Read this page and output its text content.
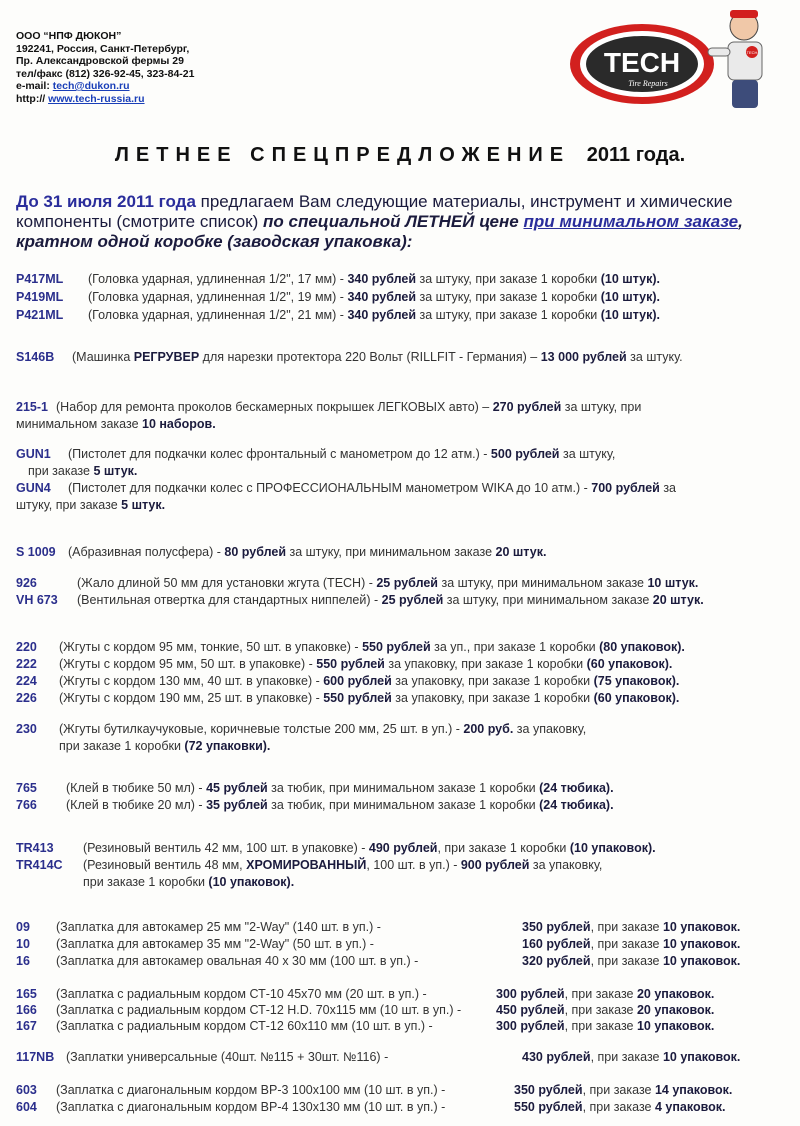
ООО “НПФ ДЮКОН”
192241, Россия, Санкт-Петербург,
Пр. Александровской фермы 29
тел/факс (812) 326-92-45, 323-84-21
e-mail: tech@dukon.ru
http:// www.tech-russia.ru
TECH
Tire Repairs
TECH
ЛЕТНЕЕ СПЕЦПРЕДЛОЖЕНИЕ 2011 года.
До 31 июля 2011 года предлагаем Вам следующие материалы, инструмент и химические компоненты (смотрите список) по специальной ЛЕТНЕЙ цене при минимальном заказе, кратном одной коробке (заводская упаковка):
P417ML (Головка ударная, удлиненная 1/2", 17 мм) - 340 рублей за штуку, при заказе 1 коробки (10 штук).
P419ML (Головка ударная, удлиненная 1/2", 19 мм) - 340 рублей за штуку, при заказе 1 коробки (10 штук).
P421ML (Головка ударная, удлиненная 1/2", 21 мм) - 340 рублей за штуку, при заказе 1 коробки (10 штук).
S146B (Машинка РЕГРУВЕР для нарезки протектора 220 Вольт (RILLFIT - Германия) – 13 000 рублей за штуку.
215-1 (Набор для ремонта проколов бескамерных покрышек ЛЕГКОВЫХ авто) – 270 рублей за штуку, при
минимальном заказе 10 наборов.
GUN1 (Пистолет для подкачки колес фронтальный с манометром до 12 атм.) - 500 рублей за штуку,
при заказе 5 штук.
GUN4 (Пистолет для подкачки колес с ПРОФЕССИОНАЛЬНЫМ манометром WIKA до 10 атм.) - 700 рублей за
штуку, при заказе 5 штук.
S 1009 (Абразивная полусфера) - 80 рублей за штуку, при минимальном заказе 20 штук.
926	(Жало длиной 50 мм для установки жгута (TECH) - 25 рублей за штуку, при минимальном заказе 10 штук.
VH 673 (Вентильная отвертка для стандартных ниппелей) - 25 рублей за штуку, при минимальном заказе 20 штук.
220 (Жгуты с кордом 95 мм, тонкие, 50 шт. в упаковке) - 550 рублей за уп., при заказе 1 коробки (80 упаковок).
222 (Жгуты с кордом 95 мм, 50 шт. в упаковке) - 550 рублей за упаковку, при заказе 1 коробки (60 упаковок).
224 (Жгуты с кордом 130 мм, 40 шт. в упаковке) - 600 рублей за упаковку, при заказе 1 коробки (75 упаковок).
226 (Жгуты с кордом 190 мм, 25 шт. в упаковке) - 550 рублей за упаковку, при заказе 1 коробки (60 упаковок).
230 (Жгуты бутилкаучуковые, коричневые толстые 200 мм, 25 шт. в уп.) - 200 руб. за упаковку,
при заказе 1 коробки (72 упаковки).
765 (Клей в тюбике 50 мл) - 45 рублей за тюбик, при минимальном заказе 1 коробки (24 тюбика).
766 (Клей в тюбике 20 мл) - 35 рублей за тюбик, при минимальном заказе 1 коробки (24 тюбика).
TR413 (Резиновый вентиль 42 мм, 100 шт. в упаковке) - 490 рублей, при заказе 1 коробки (10 упаковок).
TR414C (Резиновый вентиль 48 мм, ХРОМИРОВАННЫЙ, 100 шт. в уп.) - 900 рублей за упаковку,
при заказе 1 коробки (10 упаковок).
09 (Заплатка для автокамер 25 мм "2-Way" (140 шт. в уп.) -	350 рублей, при заказе 10 упаковок.
10 (Заплатка для автокамер 35 мм "2-Way" (50 шт. в уп.) -	160 рублей, при заказе 10 упаковок.
16 (Заплатка для автокамер овальная 40 х 30 мм (100 шт. в уп.) -	320 рублей, при заказе 10 упаковок.
165 (Заплатка с радиальным кордом СТ-10 45х70 мм (20 шт. в уп.) -	300 рублей, при заказе 20 упаковок.
166 (Заплатка с радиальным кордом СТ-12 H.D. 70х115 мм (10 шт. в уп.) -	450 рублей, при заказе 20 упаковок.
167 (Заплатка с радиальным кордом СТ-12 60х110 мм (10 шт. в уп.) -	300 рублей, при заказе 10 упаковок.
117NB (Заплатки универсальные (40шт. №115 + 30шт. №116) -	430 рублей, при заказе 10 упаковок.
603 (Заплатка с диагональным кордом ВР-3 100х100 мм (10 шт. в уп.) -	350 рублей, при заказе 14 упаковок.
604 (Заплатка с диагональным кордом ВР-4 130х130 мм (10 шт. в уп.) -	550 рублей, при заказе 4 упаковок.
